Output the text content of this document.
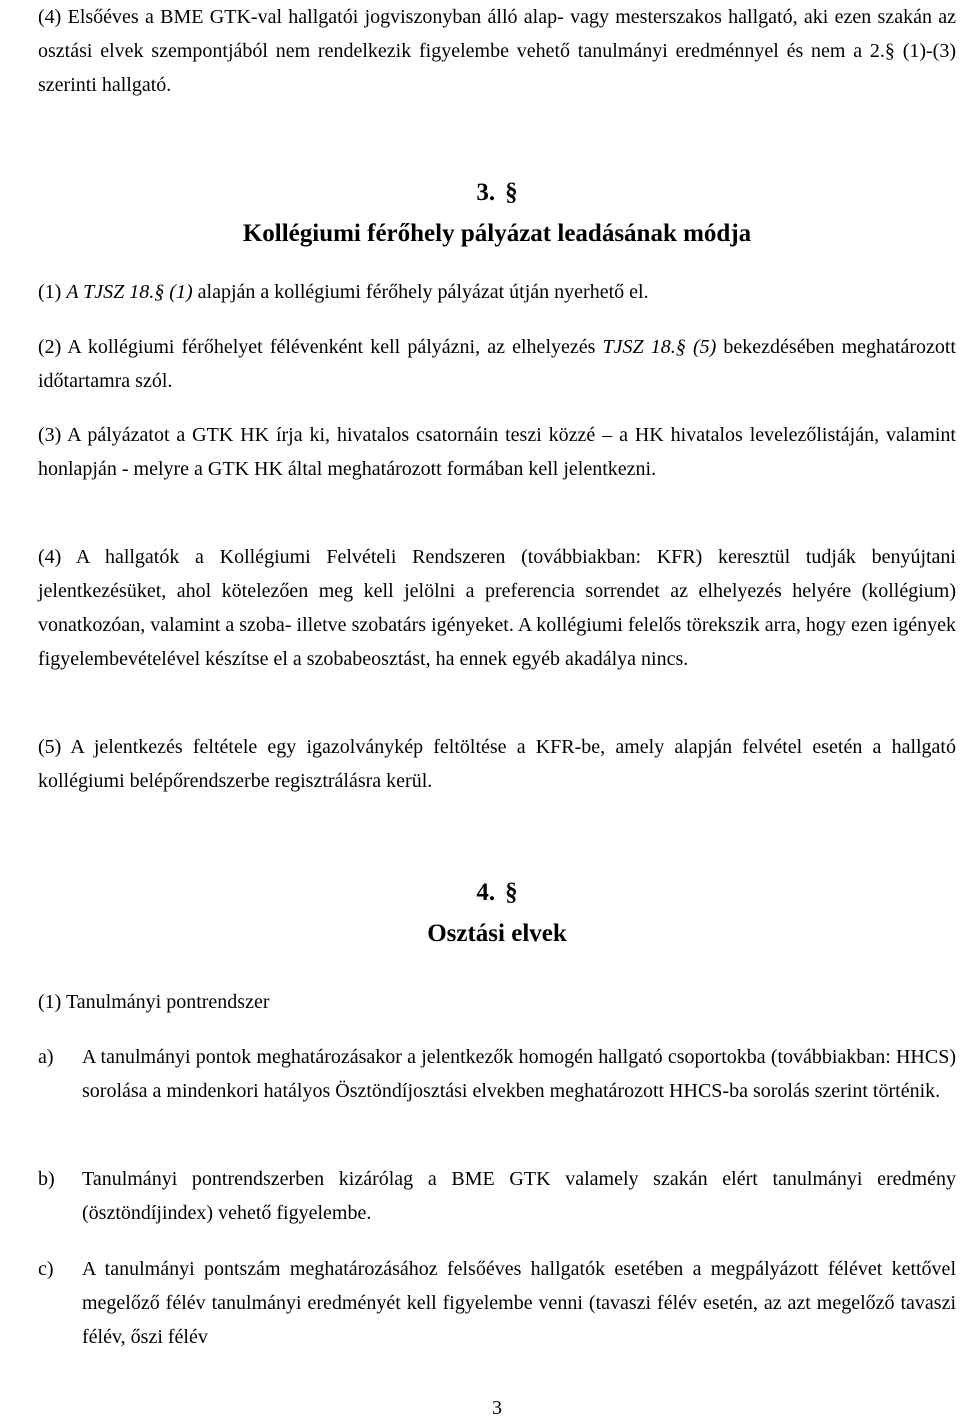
(4) Elsőéves a BME GTK-val hallgatói jogviszonyban álló alap- vagy mesterszakos hallgató, aki ezen szakán az osztási elvek szempontjából nem rendelkezik figyelembe vehető tanulmányi eredménnyel és nem a 2.§ (1)-(3) szerinti hallgató.

3. §
Kollégiumi férőhely pályázat leadásának módja

(1) A TJSZ 18.§ (1) alapján a kollégiumi férőhely pályázat útján nyerhető el.

(2) A kollégiumi férőhelyet félévenként kell pályázni, az elhelyezés TJSZ 18.§ (5) bekezdésében meghatározott időtartamra szól.

(3) A pályázatot a GTK HK írja ki, hivatalos csatornáin teszi közzé – a HK hivatalos levelezőlistáján, valamint honlapján - melyre a GTK HK által meghatározott formában kell jelentkezni.

(4) A hallgatók a Kollégiumi Felvételi Rendszeren (továbbiakban: KFR) keresztül tudják benyújtani jelentkezésüket, ahol kötelezően meg kell jelölni a preferencia sorrendet az elhelyezés helyére (kollégium) vonatkozóan, valamint a szoba- illetve szobatárs igényeket. A kollégiumi felelős törekszik arra, hogy ezen igények figyelembevételével készítse el a szobabeosztást, ha ennek egyéb akadálya nincs.

(5) A jelentkezés feltétele egy igazolványkép feltöltése a KFR-be, amely alapján felvétel esetén a hallgató kollégiumi belépőrendszerbe regisztrálásra kerül.

4. §
Osztási elvek

(1) Tanulmányi pontrendszer

a)	A tanulmányi pontok meghatározásakor a jelentkezők homogén hallgató csoportokba (továbbiakban: HHCS) sorolása a mindenkori hatályos Ösztöndíjosztási elvekben meghatározott HHCS-ba sorolás szerint történik.
b)	Tanulmányi pontrendszerben kizárólag a BME GTK valamely szakán elért tanulmányi eredmény (ösztöndíjindex) vehető figyelembe.
c)	A tanulmányi pontszám meghatározásához felsőéves hallgatók esetében a megpályázott félévet kettővel megelőző félév tanulmányi eredményét kell figyelembe venni (tavaszi félév esetén, az azt megelőző tavaszi félév, őszi félév
3
